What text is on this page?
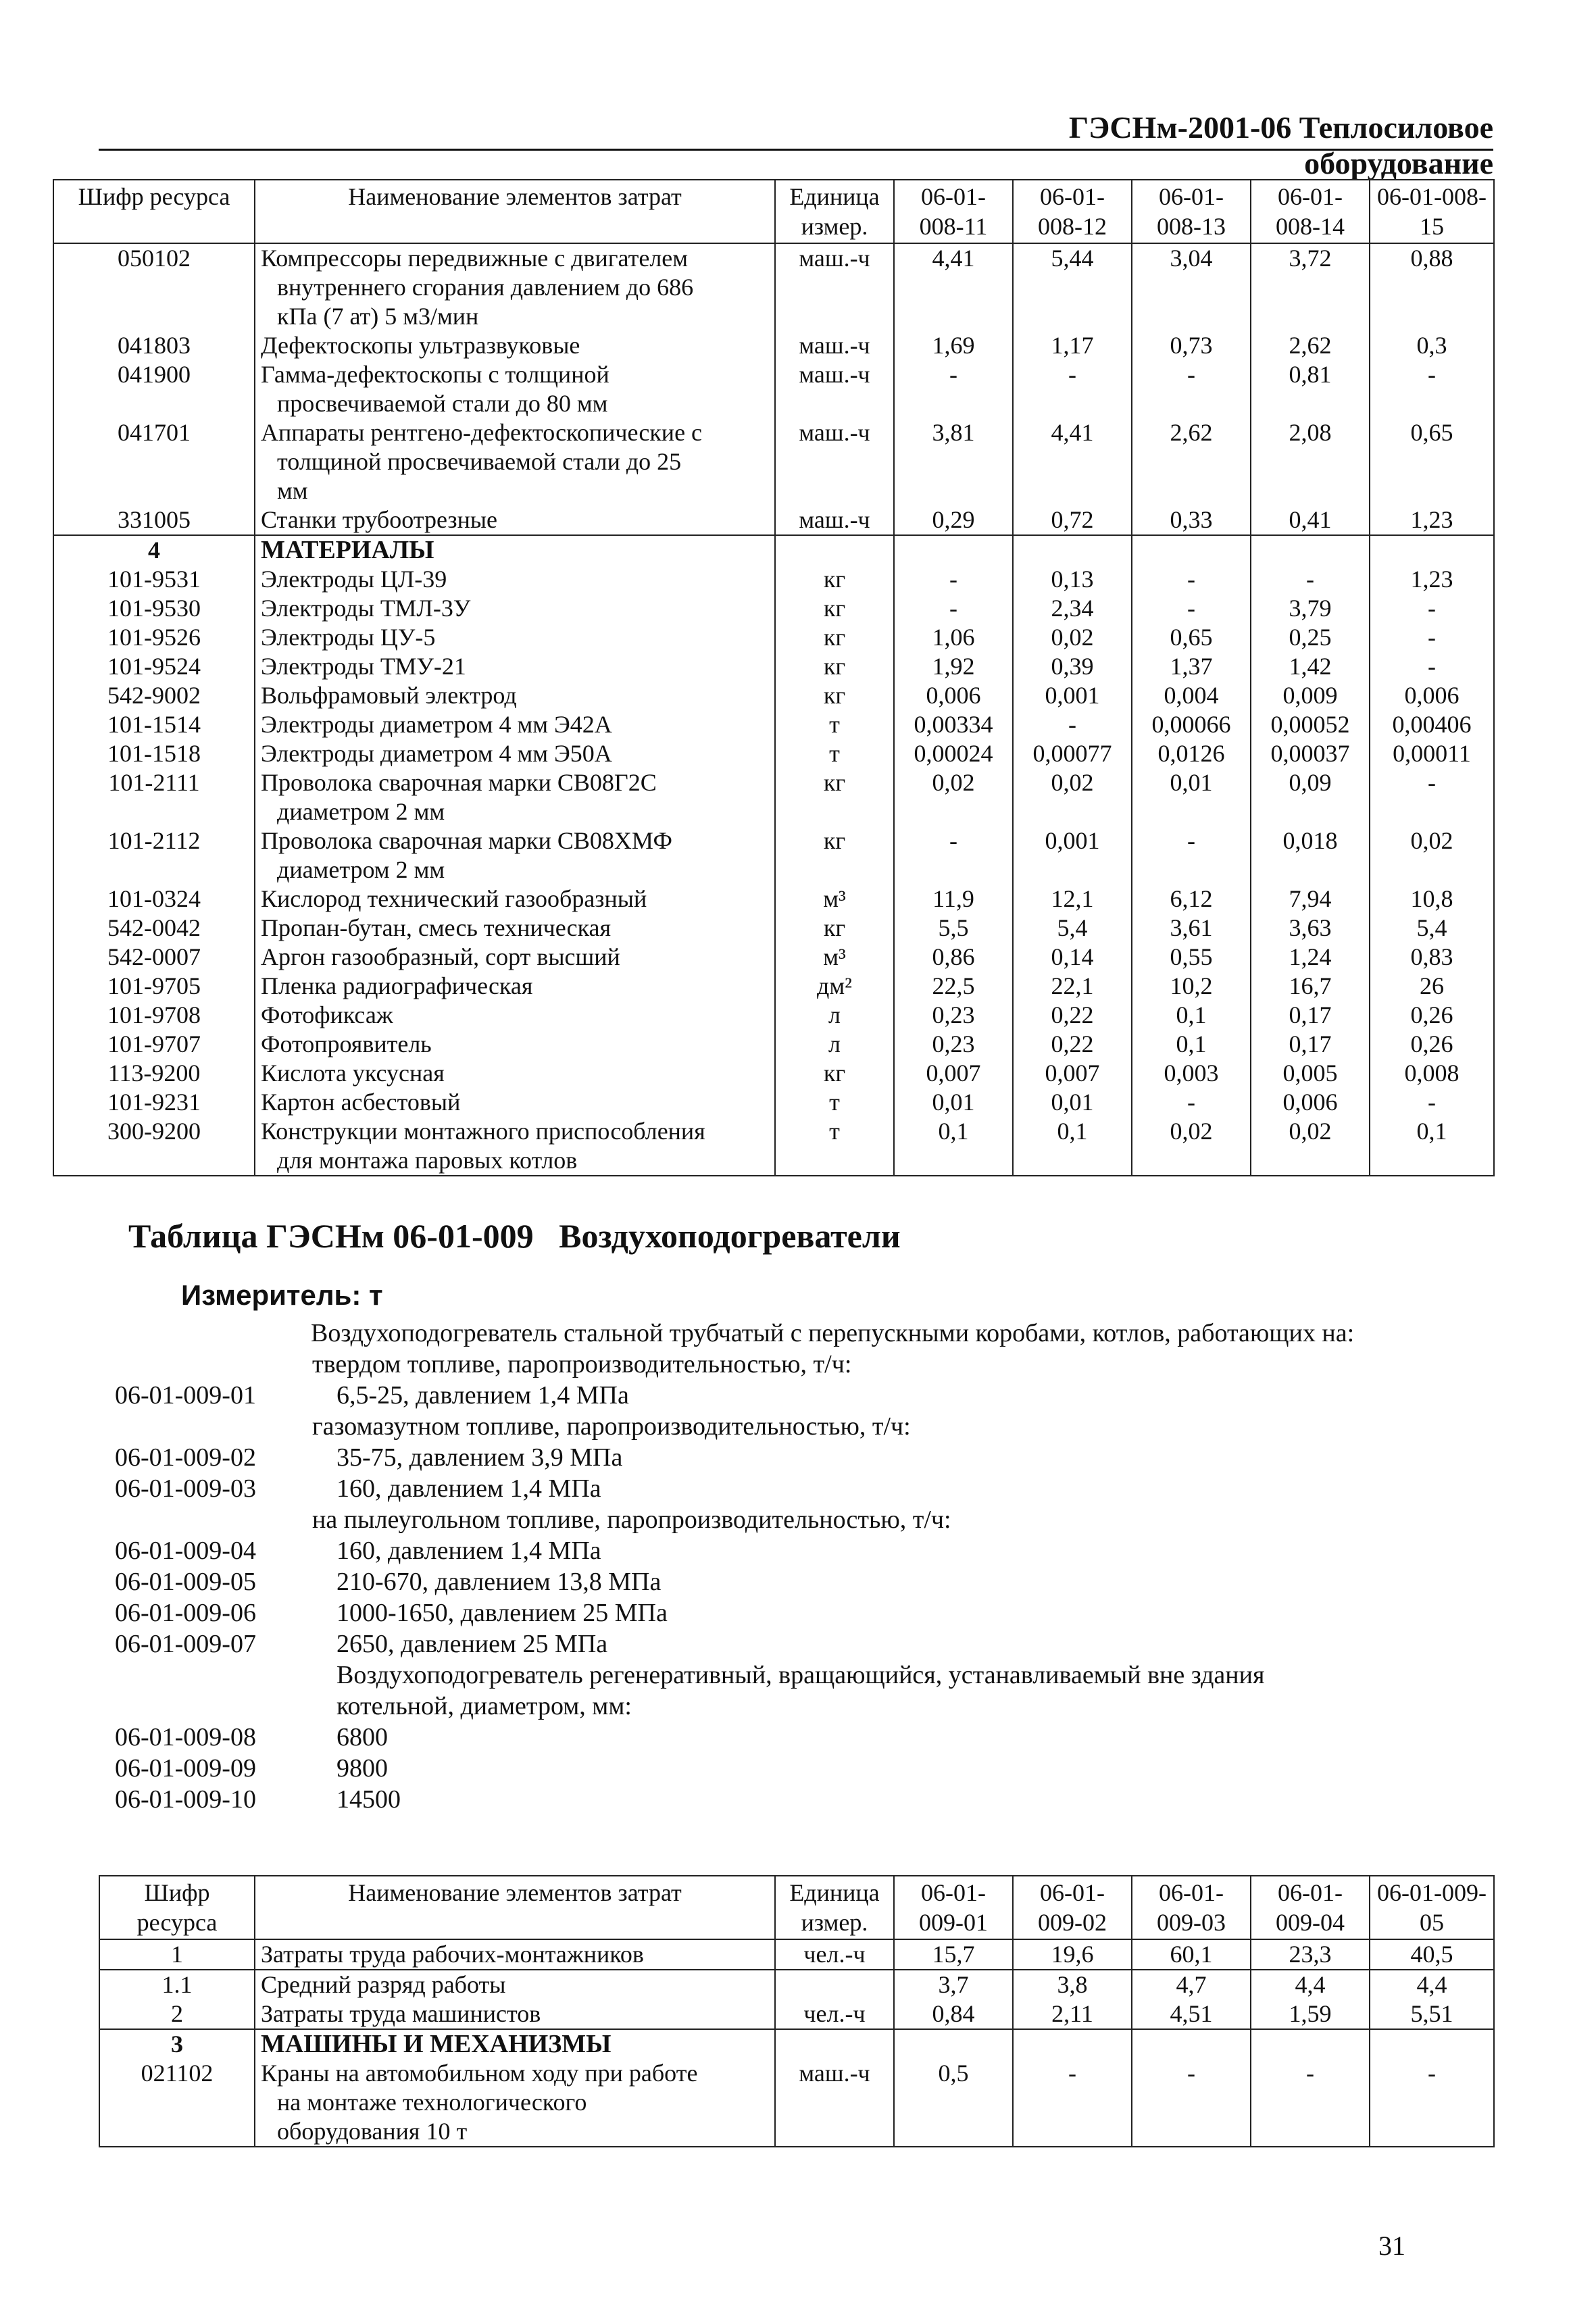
ГЭСНм-2001-06 Теплосиловое оборудование
Шифр ресурса	Наименование элементов затрат	Единица измер.	06-01-008-11	06-01-008-12	06-01-008-13	06-01-008-14	06-01-008-15
050102	Компрессоры передвижные с двигателем
внутреннего сгорания давлением до 686
кПа (7 ат) 5 м3/мин	маш.-ч	4,41	5,44	3,04	3,72	0,88
041803	Дефектоскопы ультразвуковые	маш.-ч	1,69	1,17	0,73	2,62	0,3
041900	Гамма-дефектоскопы с толщиной
просвечиваемой стали до 80 мм	маш.-ч	-	-	-	0,81	-
041701	Аппараты рентгено-дефектоскопические с
толщиной просвечиваемой стали до 25
мм	маш.-ч	3,81	4,41	2,62	2,08	0,65
331005	Станки трубоотрезные	маш.-ч	0,29	0,72	0,33	0,41	1,23
4	МАТЕРИАЛЫ						
101-9531	Электроды ЦЛ-39	кг	-	0,13	-	-	1,23
101-9530	Электроды ТМЛ-3У	кг	-	2,34	-	3,79	-
101-9526	Электроды ЦУ-5	кг	1,06	0,02	0,65	0,25	-
101-9524	Электроды ТМУ-21	кг	1,92	0,39	1,37	1,42	-
542-9002	Вольфрамовый электрод	кг	0,006	0,001	0,004	0,009	0,006
101-1514	Электроды диаметром 4 мм Э42А	т	0,00334	-	0,00066	0,00052	0,00406
101-1518	Электроды диаметром 4 мм Э50А	т	0,00024	0,00077	0,0126	0,00037	0,00011
101-2111	Проволока сварочная марки СВ08Г2С
диаметром 2 мм	кг	0,02	0,02	0,01	0,09	-
101-2112	Проволока сварочная марки СВ08ХМФ
диаметром 2 мм	кг	-	0,001	-	0,018	0,02
101-0324	Кислород технический газообразный	м³	11,9	12,1	6,12	7,94	10,8
542-0042	Пропан-бутан, смесь техническая	кг	5,5	5,4	3,61	3,63	5,4
542-0007	Аргон газообразный, сорт высший	м³	0,86	0,14	0,55	1,24	0,83
101-9705	Пленка радиографическая	дм²	22,5	22,1	10,2	16,7	26
101-9708	Фотофиксаж	л	0,23	0,22	0,1	0,17	0,26
101-9707	Фотопроявитель	л	0,23	0,22	0,1	0,17	0,26
113-9200	Кислота уксусная	кг	0,007	0,007	0,003	0,005	0,008
101-9231	Картон асбестовый	т	0,01	0,01	-	0,006	-
300-9200	Конструкции монтажного приспособления
для монтажа паровых котлов	т	0,1	0,1	0,02	0,02	0,1
Таблица ГЭСНм 06-01-009 Воздухоподогреватели
Измеритель: т
Воздухоподогреватель стальной трубчатый с перепускными коробами, котлов, работающих на:
твердом топливе, паропроизводительностью, т/ч:
06-01-009-01	6,5-25, давлением 1,4 МПа
газомазутном топливе, паропроизводительностью, т/ч:
06-01-009-02	35-75, давлением 3,9 МПа
06-01-009-03	160, давлением 1,4 МПа
на пылеугольном топливе, паропроизводительностью, т/ч:
06-01-009-04	160, давлением 1,4 МПа
06-01-009-05	210-670, давлением 13,8 МПа
06-01-009-06	1000-1650, давлением 25 МПа
06-01-009-07	2650, давлением 25 МПа
Воздухоподогреватель регенеративный, вращающийся, устанавливаемый вне здания
котельной, диаметром, мм:
06-01-009-08	6800
06-01-009-09	9800
06-01-009-10	14500
Шифр ресурса	Наименование элементов затрат	Единица измер.	06-01-009-01	06-01-009-02	06-01-009-03	06-01-009-04	06-01-009-05
1	Затраты труда рабочих-монтажников	чел.-ч	15,7	19,6	60,1	23,3	40,5
1.1	Средний разряд работы		3,7	3,8	4,7	4,4	4,4
2	Затраты труда машинистов	чел.-ч	0,84	2,11	4,51	1,59	5,51
3	МАШИНЫ И МЕХАНИЗМЫ						
021102	Краны на автомобильном ходу при работе
на монтаже технологического
оборудования 10 т	маш.-ч	0,5	-	-	-	-
31
